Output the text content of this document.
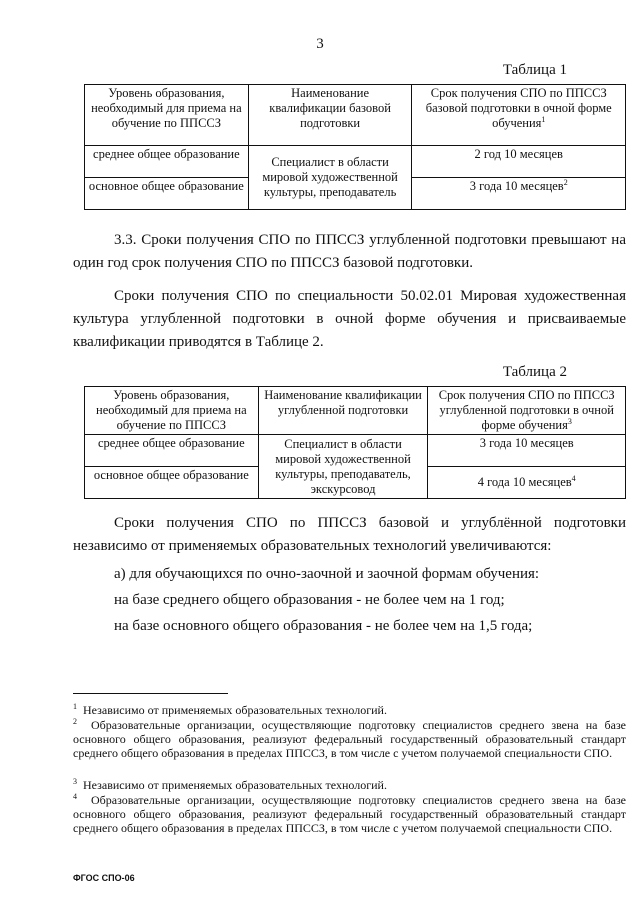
3
Таблица 1
Уровень образования, необходимый для приема на обучение по ППССЗ	Наименование квалификации базовой подготовки	Срок получения СПО по ППССЗ базовой подготовки в очной форме обучения$^1$
среднее общее образование	Специалист в области мировой художественной культуры, преподаватель	2 год 10 месяцев
основное общее образование		3 года 10 месяцев$^2$
3.3. Сроки получения СПО по ППССЗ углубленной подготовки превышают на один год срок получения СПО по ППССЗ базовой подготовки.
Сроки получения СПО по специальности 50.02.01 Мировая художественная культура углубленной подготовки в очной форме обучения и присваиваемые квалификации приводятся в Таблице 2.
Таблица 2
Уровень образования, необходимый для приема на обучение по ППССЗ	Наименование квалификации углубленной подготовки	Срок получения СПО по ППССЗ углубленной подготовки в очной форме обучения$^3$
среднее общее образование	Специалист в области мировой художественной культуры, преподаватель, экскурсовод	3 года 10 месяцев
основное общее образование		4 года 10 месяцев$^4$
Сроки получения СПО по ППССЗ базовой и углублённой подготовки независимо от применяемых образовательных технологий увеличиваются:
а) для обучающихся по очно-заочной и заочной формам обучения:
на базе среднего общего образования - не более чем на 1 год;
на базе основного общего образования - не более чем на 1,5 года;
$^1$ Независимо от применяемых образовательных технологий.
$^2$ Образовательные организации, осуществляющие подготовку специалистов среднего звена на базе основного общего образования, реализуют федеральный государственный образовательный стандарт среднего общего образования в пределах ППССЗ, в том числе с учетом получаемой специальности СПО.
$^3$ Независимо от применяемых образовательных технологий.
$^4$ Образовательные организации, осуществляющие подготовку специалистов среднего звена на базе основного общего образования, реализуют федеральный государственный образовательный стандарт среднего общего образования в пределах ППССЗ, в том числе с учетом получаемой специальности СПО.
ФГОС СПО-06
